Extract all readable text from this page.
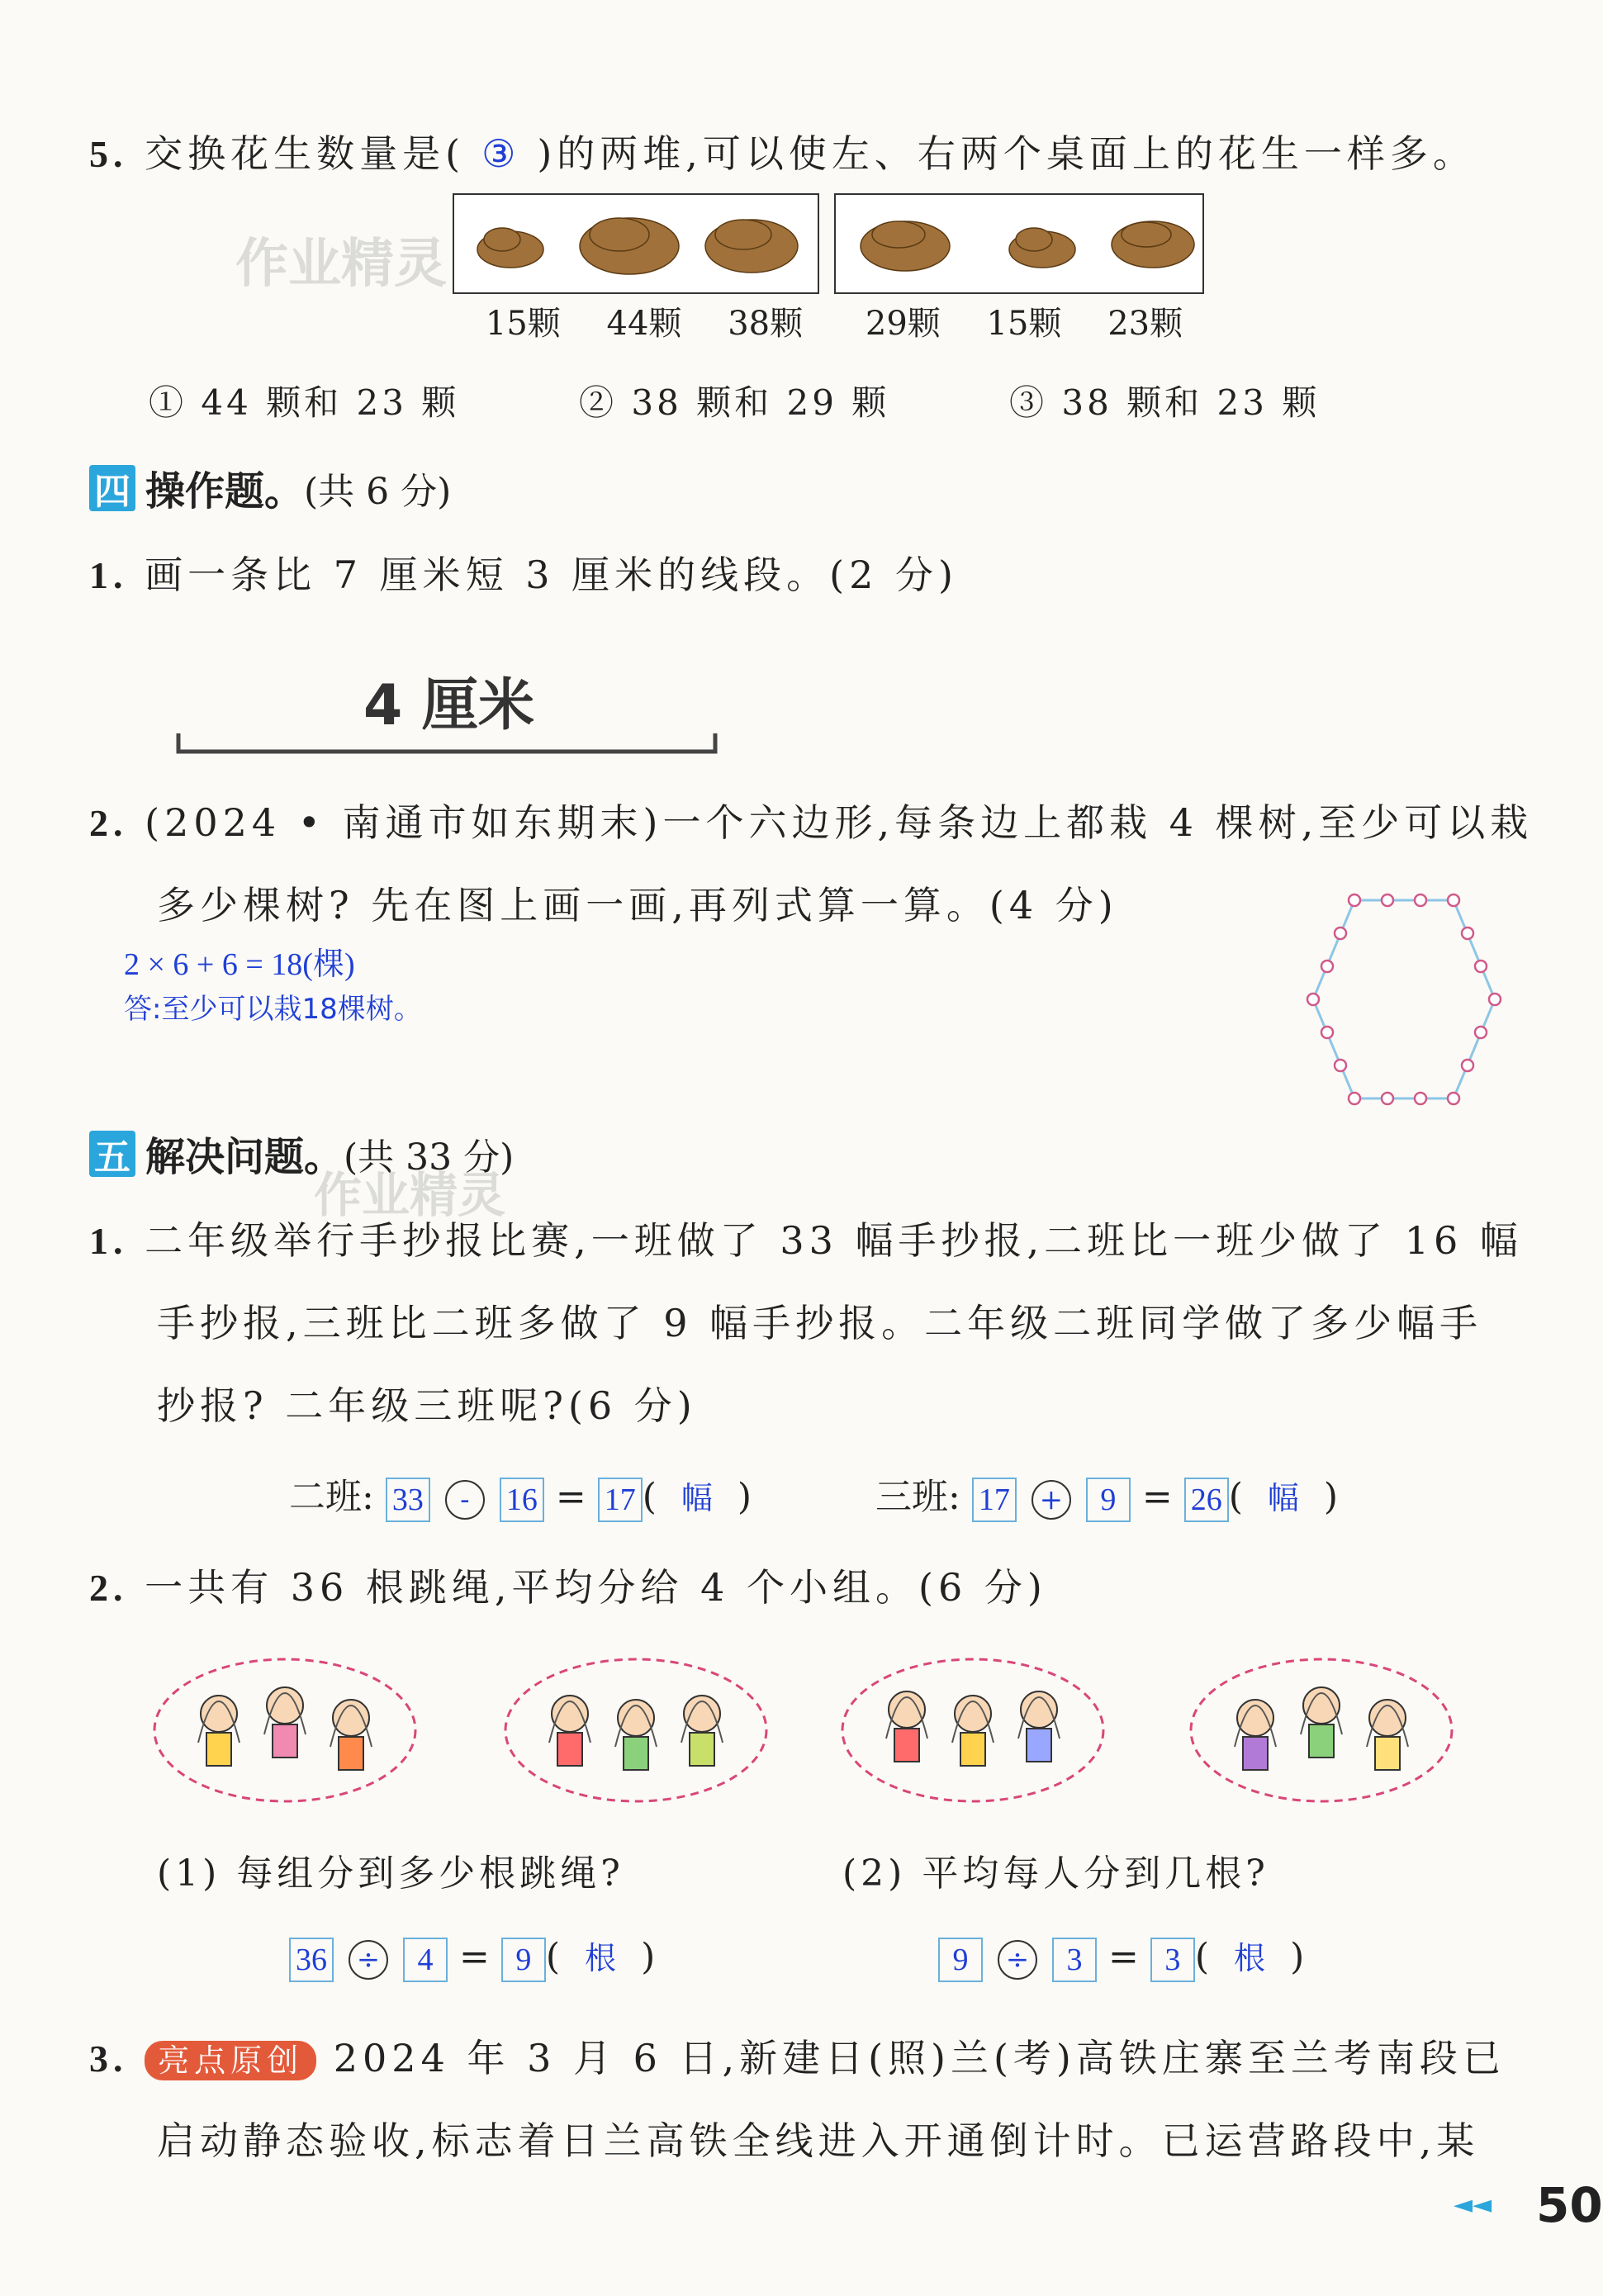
5. 交换花生数量是( ③ )的两堆,可以使左、右两个桌面上的花生一样多。
作业精灵
15颗 44颗 38颗 29颗 15颗 23颗
① 44 颗和 23 颗	② 38 颗和 29 颗	③ 38 颗和 23 颗
四 操作题。 (共 6 分)
1. 画一条比 7 厘米短 3 厘米的线段。(2 分)
4 厘米
2. (2024 • 南通市如东期末)一个六边形,每条边上都栽 4 棵树,至少可以栽
多少棵树? 先在图上画一画,再列式算一算。(4 分)
2 × 6 + 6 = 18(棵)
答:至少可以栽18棵树。
五 解决问题。 (共 33 分)
作业精灵
1. 二年级举行手抄报比赛,一班做了 33 幅手抄报,二班比一班少做了 16 幅
手抄报,三班比二班多做了 9 幅手抄报。二年级二班同学做了多少幅手
抄报? 二年级三班呢?(6 分)
二班: 33 - 16 = 17 ( 幅 )	三班: 17 + 9 = 26 ( 幅 )
2. 一共有 36 根跳绳,平均分给 4 个小组。(6 分)
(1) 每组分到多少根跳绳?	(2) 平均每人分到几根?
36 ÷ 4 = 9 ( 根 )	9 ÷ 3 = 3 ( 根 )
3. 亮点原创 2024 年 3 月 6 日,新建日(照)兰(考)高铁庄寨至兰考南段已
启动静态验收,标志着日兰高铁全线进入开通倒计时。已运营路段中,某
◄◄ 50
